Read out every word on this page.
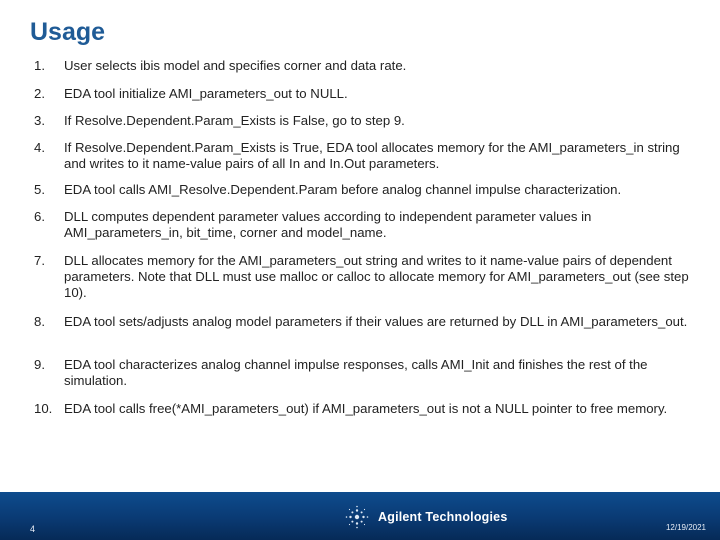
Usage
1.	User selects ibis model and specifies corner and data rate.
2.	EDA tool initialize AMI_parameters_out to NULL.
3.	If Resolve.Dependent.Param_Exists is False, go to step 9.
4.	If Resolve.Dependent.Param_Exists is True, EDA tool allocates memory for the AMI_parameters_in string and writes to it name-value pairs of all In and In.Out parameters.
5.	EDA tool calls AMI_Resolve.Dependent.Param before analog channel impulse characterization.
6.	DLL computes dependent parameter values according to independent parameter values in AMI_parameters_in, bit_time, corner and model_name.
7.	DLL allocates memory for the AMI_parameters_out string and writes to it name-value pairs of dependent parameters. Note that DLL must use malloc or calloc to allocate memory for AMI_parameters_out (see step 10).
8.	EDA tool sets/adjusts analog model parameters if their values are returned by DLL in AMI_parameters_out.
9.	EDA tool characterizes analog channel impulse responses, calls AMI_Init and finishes the rest of the simulation.
10. EDA tool calls free(*AMI_parameters_out) if AMI_parameters_out is not a NULL pointer to free memory.
4
Agilent Technologies
12/19/2021
